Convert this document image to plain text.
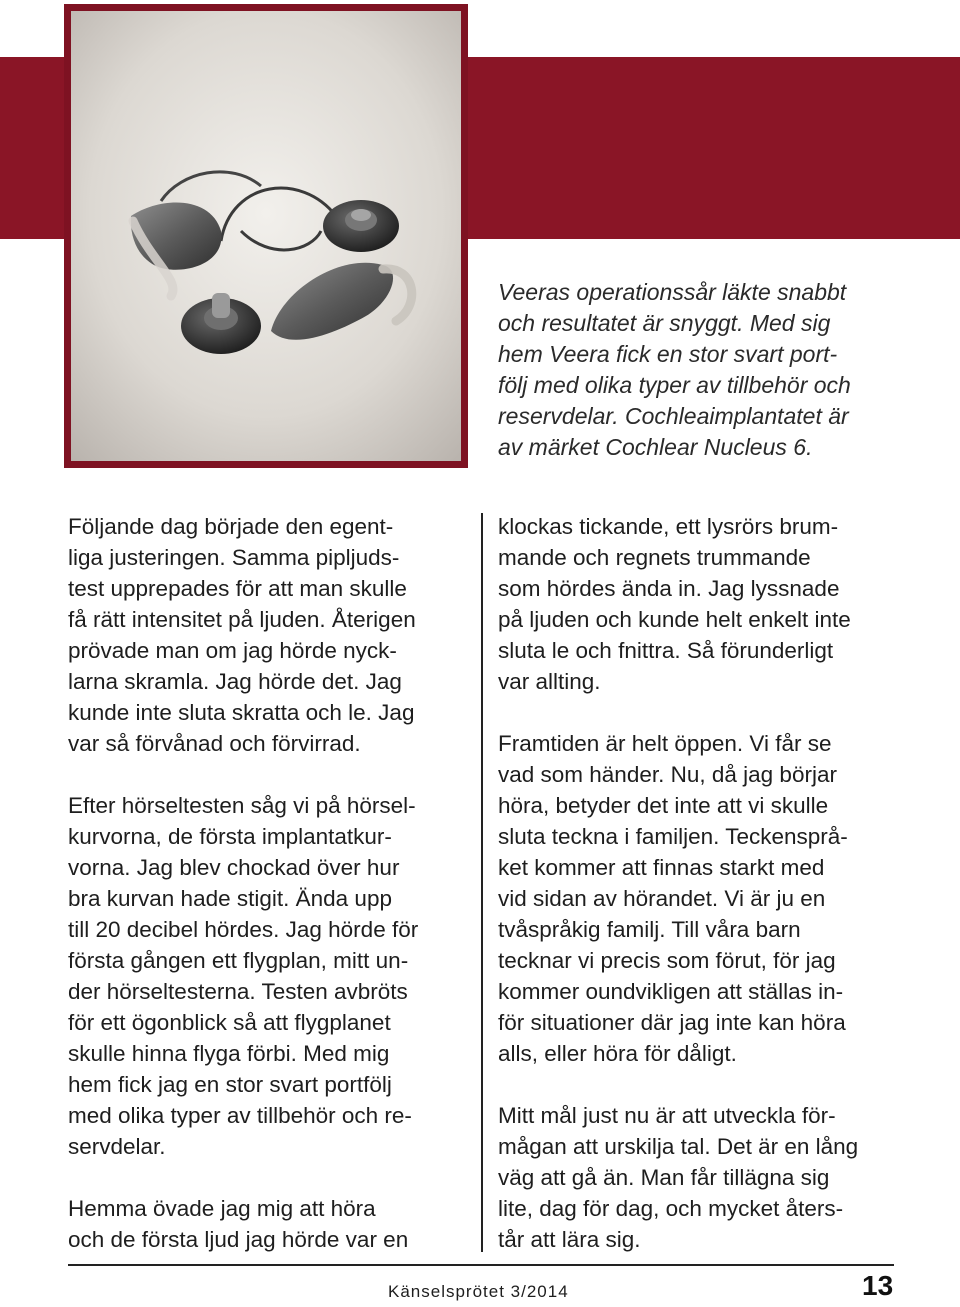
Veeras operationssår läkte snabbt
och resultatet är snyggt. Med sig
hem Veera fick en stor svart port-
följ med olika typer av tillbehör och
reservdelar. Cochleaimplantatet är
av märket Cochlear Nucleus 6.

Följande dag började den egent-
liga justeringen. Samma pipljuds-
test upprepades för att man skulle
få rätt intensitet på ljuden. Återigen
prövade man om jag hörde nyck-
larna skramla. Jag hörde det. Jag
kunde inte sluta skratta och le. Jag
var så förvånad och förvirrad.

Efter hörseltesten såg vi på hörsel-
kurvorna, de första implantatkur-
vorna. Jag blev chockad över hur
bra kurvan hade stigit. Ända upp
till 20 decibel hördes. Jag hörde för
första gången ett flygplan, mitt un-
der hörseltesterna. Testen avbröts
för ett ögonblick så att flygplanet
skulle hinna flyga förbi. Med mig
hem fick jag en stor svart portfölj
med olika typer av tillbehör och re-
servdelar.

Hemma övade jag mig att höra
och de första ljud jag hörde var en

klockas tickande, ett lysrörs brum-
mande och regnets trummande
som hördes ända in. Jag lyssnade
på ljuden och kunde helt enkelt inte
sluta le och fnittra. Så förunderligt
var allting.

Framtiden är helt öppen. Vi får se
vad som händer. Nu, då jag börjar
höra, betyder det inte att vi skulle
sluta teckna i familjen. Teckensprå-
ket kommer att finnas starkt med
vid sidan av hörandet. Vi är ju en
tvåspråkig familj. Till våra barn
tecknar vi precis som förut, för jag
kommer oundvikligen att ställas in-
för situationer där jag inte kan höra
alls, eller höra för dåligt.

Mitt mål just nu är att utveckla för-
mågan att urskilja tal. Det är en lång
väg att gå än. Man får tillägna sig
lite, dag för dag, och mycket åters-
tår att lära sig.

Känselsprötet 3/2014	13
